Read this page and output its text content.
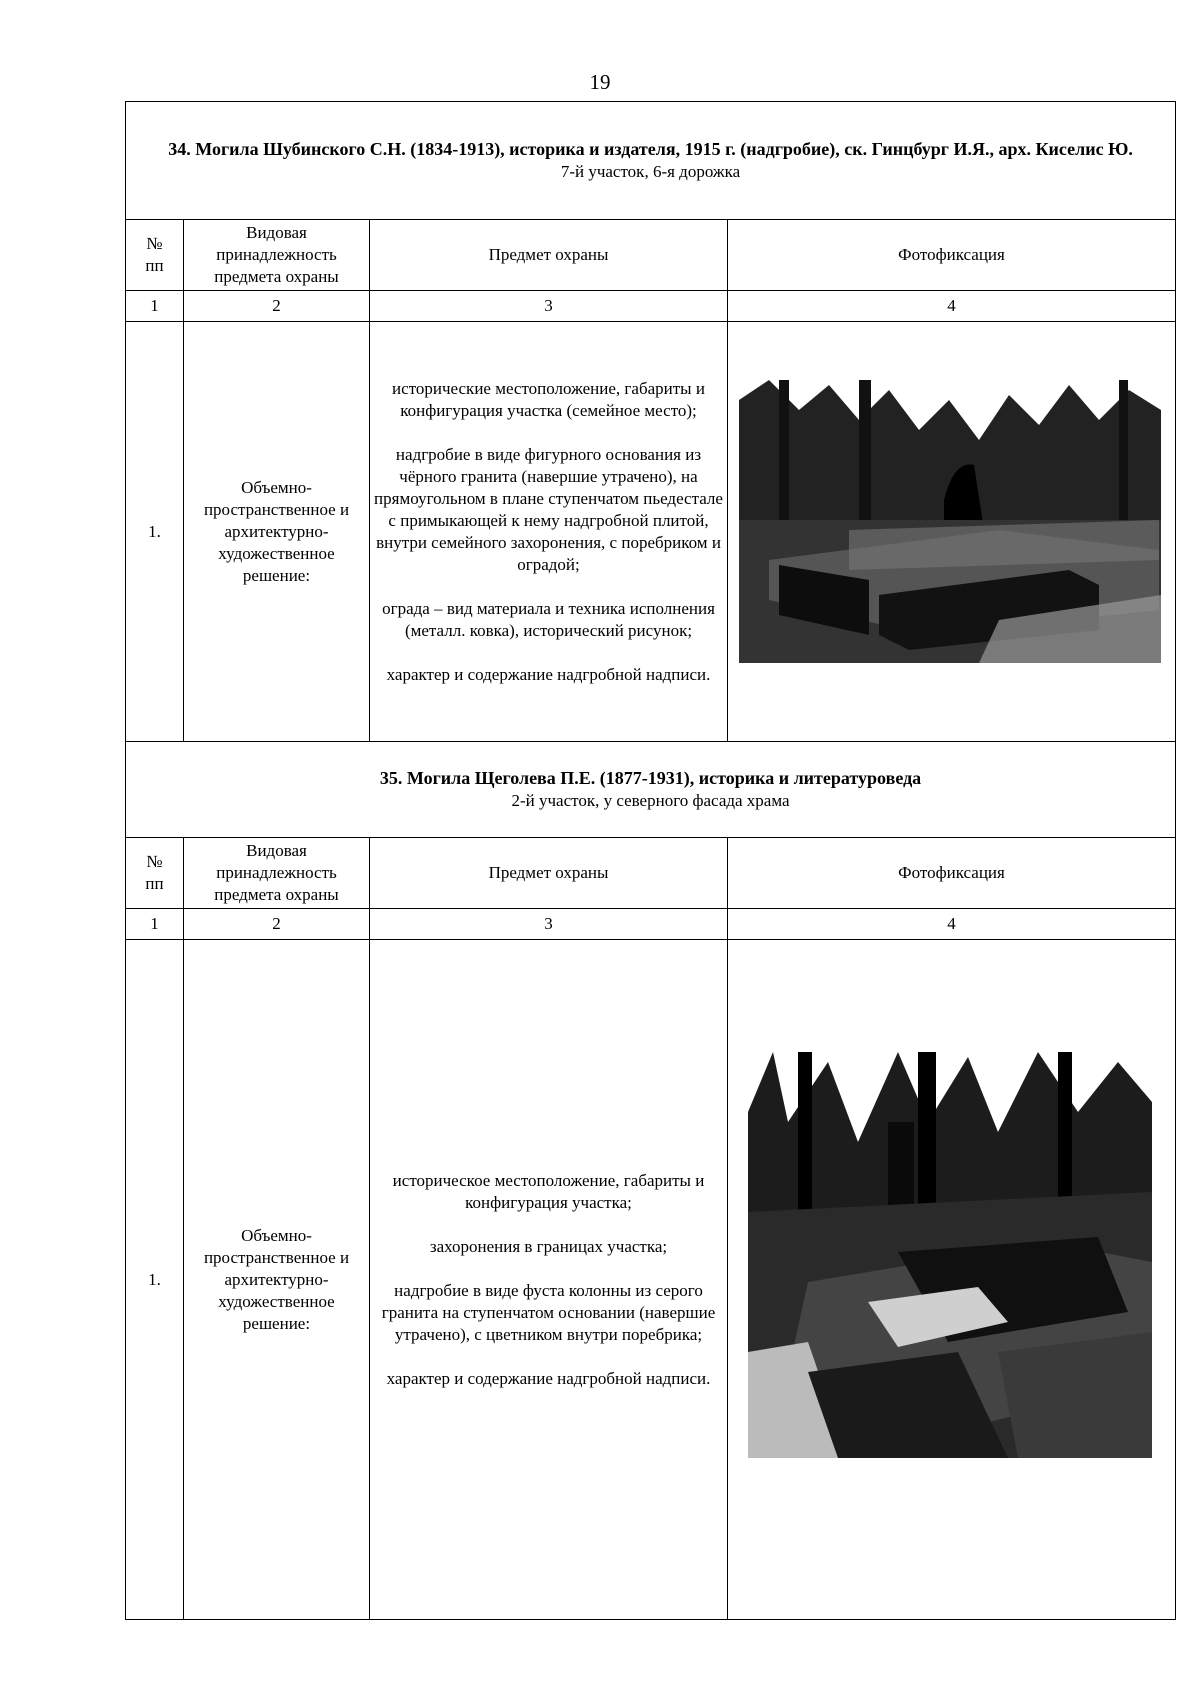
19
34. Могила Шубинского С.Н. (1834-1913), историка и издателя, 1915 г. (надгробие), ск. Гинцбург И.Я., арх. Киселис Ю.
7-й участок, 6-я дорожка			

№
пп	Видовая принадлежность предмета охраны	Предмет охраны	Фотофиксация
1	2	3	4
1.	Объемно-пространственное и архитектурно-художественное решение:	исторические местоположение, габариты и конфигурация участка (семейное место);

надгробие в виде фигурного основания из чёрного гранита (навершие утрачено), на прямоугольном в плане ступенчатом пьедестале с примыкающей к нему надгробной плитой, внутри семейного захоронения, с поребриком и оградой;

ограда – вид материала и техника исполнения (металл. ковка), исторический рисунок;

характер и содержание надгробной надписи.

35. Могила Щеголева П.Е. (1877-1931), историка и литературоведа
2-й участок, у северного фасада храма			

№
пп	Видовая принадлежность предмета охраны	Предмет охраны	Фотофиксация
1	2	3	4
1.	Объемно-пространственное и архитектурно-художественное решение:	историческое местоположение, габариты и конфигурация участка;

захоронения в границах участка;

надгробие в виде фуста колонны из серого гранита на ступенчатом основании (навершие утрачено), с цветником внутри поребрика;

характер и содержание надгробной надписи.
